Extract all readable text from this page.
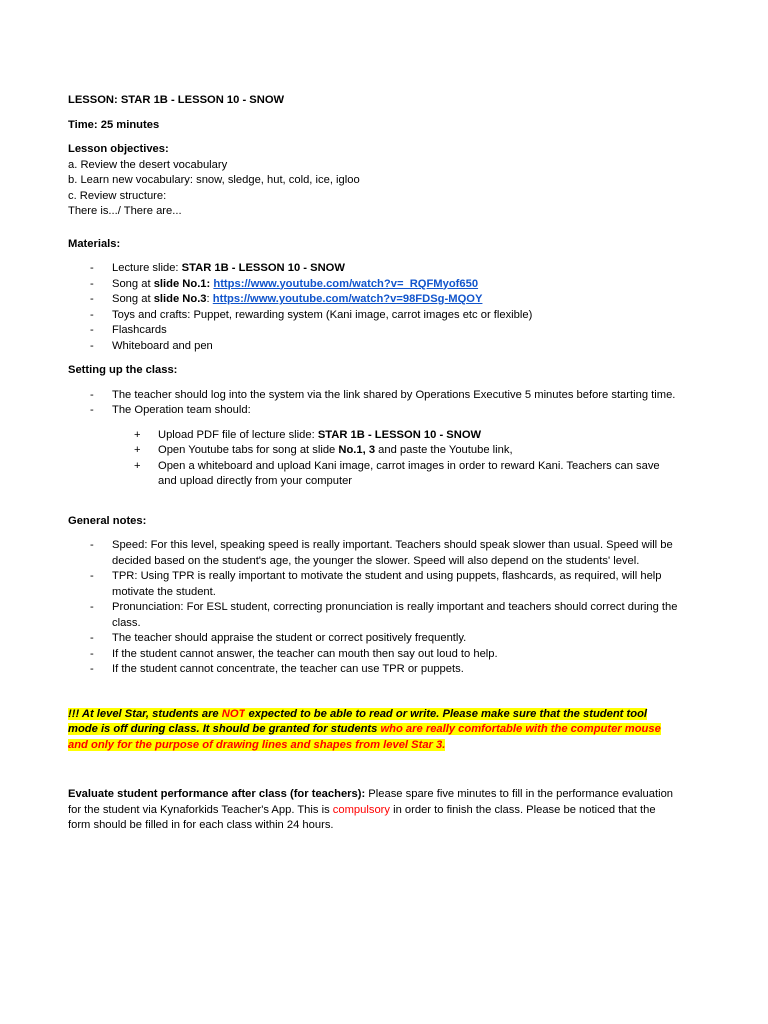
LESSON: STAR 1B - LESSON 10 - SNOW

Time: 25 minutes

Lesson objectives:

a. Review the desert vocabulary

b. Learn new vocabulary: snow, sledge, hut, cold, ice, igloo

c. Review structure:

There is.../ There are...

Materials:

- Lecture slide: STAR 1B - LESSON 10 - SNOW
- Song at slide No.1: https://www.youtube.com/watch?v=_RQFMyof650
- Song at slide No.3: https://www.youtube.com/watch?v=98FDSg-MQOY
- Toys and crafts: Puppet, rewarding system (Kani image, carrot images etc or flexible)
- Flashcards
- Whiteboard and pen

Setting up the class:

- The teacher should log into the system via the link shared by Operations Executive 5 minutes before starting time.
- The Operation team should:
+ Upload PDF file of lecture slide: STAR 1B - LESSON 10 - SNOW
+ Open Youtube tabs for song at slide No.1, 3 and paste the Youtube link,
+ Open a whiteboard and upload Kani image, carrot images in order to reward Kani. Teachers can save and upload directly from your computer

General notes:

- Speed: For this level, speaking speed is really important. Teachers should speak slower than usual. Speed will be decided based on the student's age, the younger the slower. Speed will also depend on the students' level.
- TPR: Using TPR is really important to motivate the student and using puppets, flashcards, as required, will help motivate the student.
- Pronunciation: For ESL student, correcting pronunciation is really important and teachers should correct during the class.
- The teacher should appraise the student or correct positively frequently.
- If the student cannot answer, the teacher can mouth then say out loud to help.
- If the student cannot concentrate, the teacher can use TPR or puppets.

!!! At level Star, students are NOT expected to be able to read or write. Please make sure that the student tool mode is off during class. It should be granted for students who are really comfortable with the computer mouse and only for the purpose of drawing lines and shapes from level Star 3.

Evaluate student performance after class (for teachers): Please spare five minutes to fill in the performance evaluation for the student via Kynaforkids Teacher's App. This is compulsory in order to finish the class. Please be noticed that the form should be filled in for each class within 24 hours.
